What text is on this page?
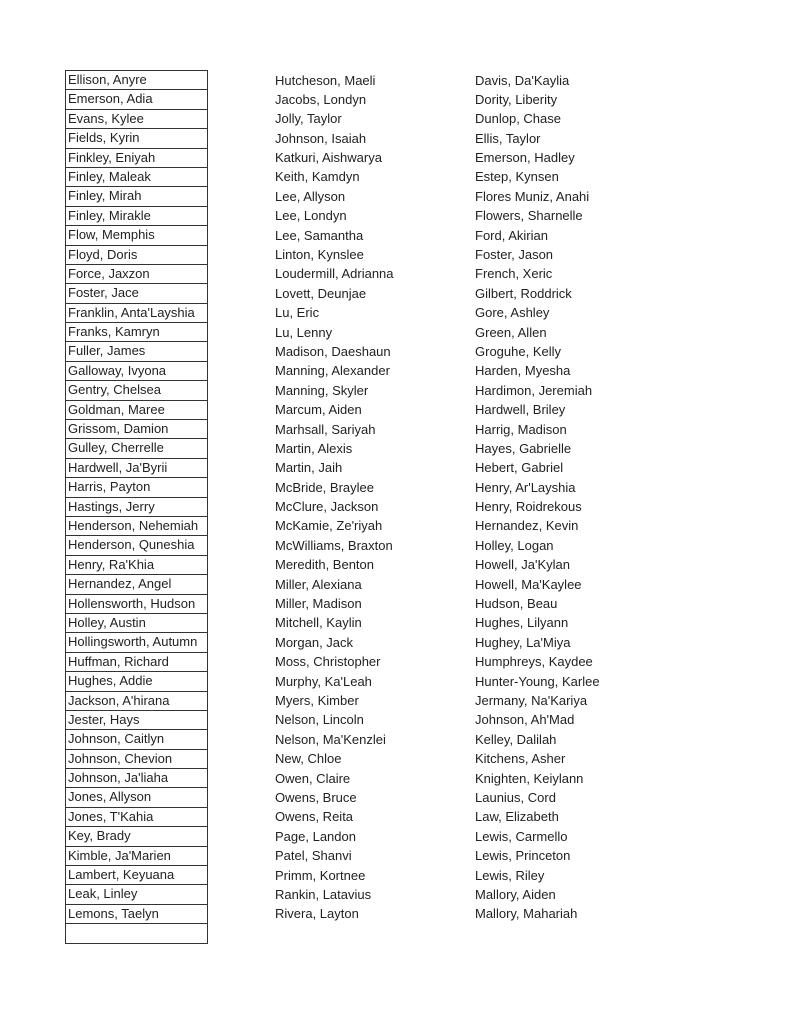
Ellison, Anyre
Emerson, Adia
Evans, Kylee
Fields, Kyrin
Finkley, Eniyah
Finley, Maleak
Finley, Mirah
Finley, Mirakle
Flow, Memphis
Floyd, Doris
Force, Jaxzon
Foster, Jace
Franklin, Anta'Layshia
Franks, Kamryn
Fuller, James
Galloway, Ivyona
Gentry, Chelsea
Goldman, Maree
Grissom, Damion
Gulley, Cherrelle
Hardwell, Ja'Byrii
Harris, Payton
Hastings, Jerry
Henderson, Nehemiah
Henderson, Quneshia
Henry, Ra'Khia
Hernandez, Angel
Hollensworth, Hudson
Holley, Austin
Hollingsworth, Autumn
Huffman, Richard
Hughes, Addie
Jackson, A'hirana
Jester, Hays
Johnson, Caitlyn
Johnson, Chevion
Johnson, Ja'liaha
Jones, Allyson
Jones, T'Kahia
Key, Brady
Kimble, Ja'Marien
Lambert, Keyuana
Leak, Linley
Lemons, Taelyn
Hutcheson, Maeli
Jacobs, Londyn
Jolly, Taylor
Johnson, Isaiah
Katkuri, Aishwarya
Keith, Kamdyn
Lee, Allyson
Lee, Londyn
Lee, Samantha
Linton, Kynslee
Loudermill, Adrianna
Lovett, Deunjae
Lu, Eric
Lu, Lenny
Madison, Daeshaun
Manning, Alexander
Manning, Skyler
Marcum, Aiden
Marhsall, Sariyah
Martin, Alexis
Martin, Jaih
McBride, Braylee
McClure, Jackson
McKamie, Ze'riyah
McWilliams, Braxton
Meredith, Benton
Miller, Alexiana
Miller, Madison
Mitchell, Kaylin
Morgan, Jack
Moss, Christopher
Murphy, Ka'Leah
Myers, Kimber
Nelson, Lincoln
Nelson, Ma'Kenzlei
New, Chloe
Owen, Claire
Owens, Bruce
Owens, Reita
Page, Landon
Patel, Shanvi
Primm, Kortnee
Rankin, Latavius
Rivera, Layton
Davis, Da'Kaylia
Dority, Liberity
Dunlop, Chase
Ellis, Taylor
Emerson, Hadley
Estep, Kynsen
Flores Muniz, Anahi
Flowers, Sharnelle
Ford, Akirian
Foster, Jason
French, Xeric
Gilbert, Roddrick
Gore, Ashley
Green, Allen
Groguhe, Kelly
Harden, Myesha
Hardimon, Jeremiah
Hardwell, Briley
Harrig, Madison
Hayes, Gabrielle
Hebert, Gabriel
Henry, Ar'Layshia
Henry, Roidrekous
Hernandez, Kevin
Holley, Logan
Howell, Ja'Kylan
Howell, Ma'Kaylee
Hudson, Beau
Hughes, Lilyann
Hughey, La'Miya
Humphreys, Kaydee
Hunter-Young, Karlee
Jermany, Na'Kariya
Johnson, Ah'Mad
Kelley, Dalilah
Kitchens, Asher
Knighten, Keiylann
Launius, Cord
Law, Elizabeth
Lewis, Carmello
Lewis, Princeton
Lewis, Riley
Mallory, Aiden
Mallory, Mahariah
